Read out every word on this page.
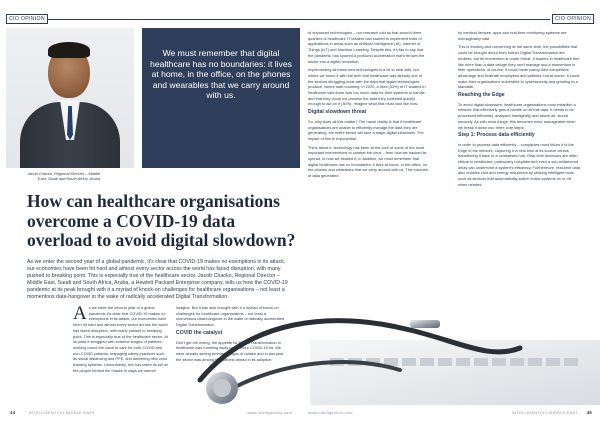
CIO OPINION
Jacob Chacko, Regional Director – Middle East, Saudi and South Africa, Aruba
How can healthcare organisations overcome a COVID-19 data overload to avoid digital slowdown?

As we enter the second year of a global pandemic, it's clear that COVID-19 makes no exemptions in its attack, our economies have been hit hard and almost every sector across the world has faced disruption, with many pushed to breaking point. This is especially true of the healthcare sector. Jacob Chacko, Regional Director – Middle East, Saudi and South Africa, Aruba, a Hewlett Packard Enterprise company, tells us how the COVID-19 pandemic at its peak brought with it a myriad of knock-on challenges for healthcare organisations – not least a momentous data-hangover in the wake of radically accelerated Digital Transformation.

As we enter the second year of a global pandemic it's clear that COVID-19 makes no exemptions in its attack, our economies have been hit hard and almost every sector across the world has faced disruption, with many pushed to breaking point. This is especially true of the healthcare sector. At its peak it struggled with extreme surges of patients, working round the clock to care for both COVID and non-COVID patients, managing safety practices such as social distancing and PPE, and delivering new virus tracking systems. Undoubtedly, this has taken its toll on the people behind the masks in ways we cannot

imagine. But it has also brought with it a myriad of knock-on challenges for healthcare organisations – not least a momentous data-hangover in the wake of radically accelerated Digital Transformation.

COVID the catalyst

Don't get me wrong, the appetite for Digital Transformation in healthcare was rumbling away long before COVID-19 hit. We were already seeing promising signs of uptake and in last year the sector was among the furthest ahead in its adoption

44	INTELLIGENTCIO MIDDLE EAST	www.intelligentcio.com
We must remember that digital healthcare has no boundaries: it lives at home, in the office, on the phones and wearables that we carry around with us.
CIO OPINION

of advanced technologies – our research told us that around three quarters of healthcare IT leaders had started to implement trials or applications in areas such as Artificial Intelligence (AI), Internet of Things (IoT) and Machine Learning. Despite this, it's fair to say that the pandemic has spurred a profound acceleration that's thrown the sector into a digital revolution.

Implementing all these new technologies is a lot to deal with, but where we found it with the tech that healthcare was already one of the sectors struggling most with the data that digital technologies produce, where start counting. In 2020, a third (33%) of IT leaders in healthcare said there was too much data for their systems to handle and that they could not process the data they collected quickly enough to act on it (30%). Imagine what that must look like now.

Digital slowdown threat

So, why does all this matter? The harsh reality is that if healthcare organisations are unable to efficiently manage the data they are generating, the entire sector will face a major digital slowdown. The impact of this is exponential.

Think about it, technology has been at the core of some of the most important interventions to combat the virus – from how we tracked its spread, to how we studied it, in addition, we must remember that digital healthcare has no boundaries: it lives at home, in the office, on the phones and wearables that we carry around with us. The volumes of data generated

by medical devices, apps and real-time monitoring systems are unimaginably vast.

This is exciting and concerning at the same time; the possibilities that could be brought about from further Digital Transformation are endless, but its momentum is under threat. If leaders in healthcare feel like more than a data deluge they can't manage and a momentum in their operations, of course, it could mean losing their competitive advantage and frustrate employees and patients, but at worse, it could make their organisations vulnerable to cybersecurity and grinding to a standstill.

Reaching the Edge

To avoid digital slowdown, healthcare organisations must establish a network that effectively gets a handle on all this data. It needs to be processed efficiently, analysed intelligently and above all, stored securely. As with most things, this becomes more manageable when we break it down into three core steps:

Step 1: Process data efficiently

In order to process data efficiently – companies must follow it to the Edge of the network, capturing it in real-time at its source versus transferring it back to a centralised hub. Real-time decisions are often critical in healthcare, particularly hospitals and even a sub-millisecond delay can undermine a system's efficiency. Furthermore, real-time data also enables cost and energy reductions by utilising intelligent tools such as sensors that automatically switch entire systems on or off when needed.

www.intelligentcio.com	INTELLIGENTCIO MIDDLE EAST 45
